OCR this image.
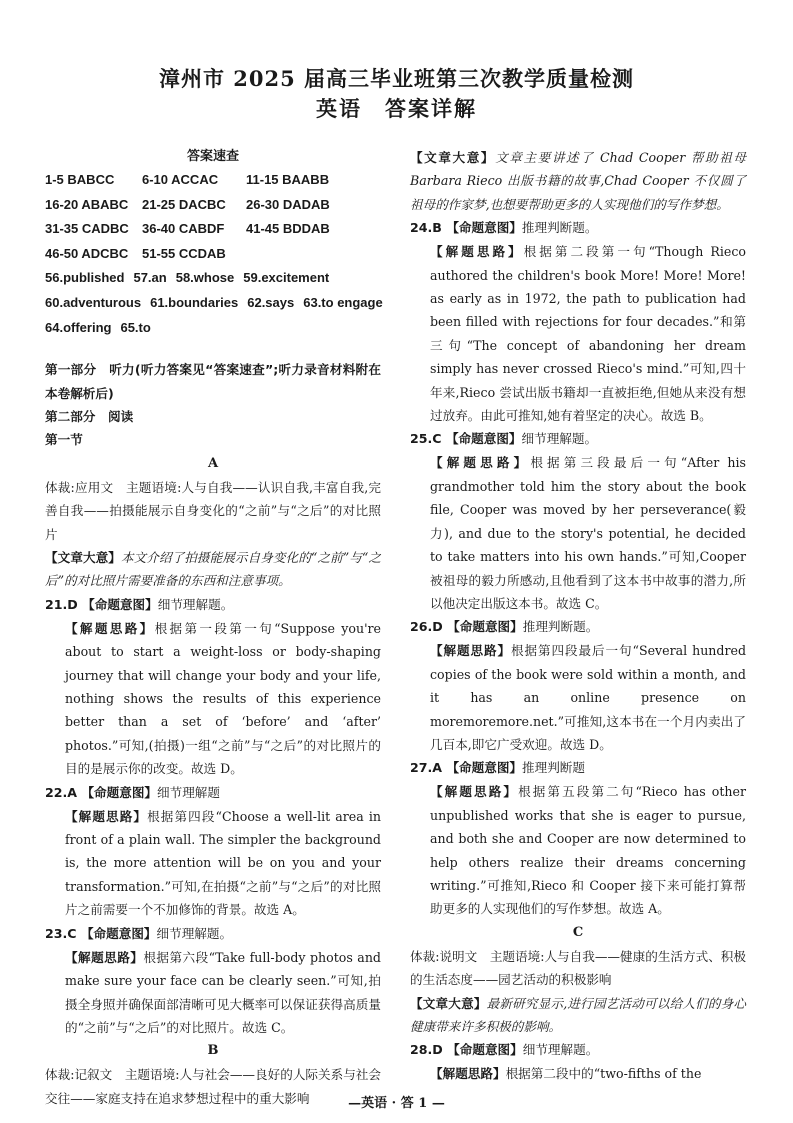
漳州市 2025 届高三毕业班第三次教学质量检测

英语　答案详解

答案速查
1-5 BABCC 6-10 ACCAC 11-15 BAABB
16-20 ABABC 21-25 DACBC 26-30 DADAB
31-35 CADBC 36-40 CABDF 41-45 BDDAB
46-50 ADCBC 51-55 CCDAB
56.published 57.an 58.whose 59.excitement
60.adventurous 61.boundaries 62.says 63.to engage
64.offering 65.to

第一部分　听力(听力答案见“答案速查”;听力录音材料附在本卷解析后)

第二部分　阅读

第一节

A

体裁:应用文　主题语境:人与自我——认识自我,丰富自我,完善自我——拍摄能展示自身变化的“之前”与“之后”的对比照片

【文章大意】本文介绍了拍摄能展示自身变化的“之前”与“之后”的对比照片需要准备的东西和注意事项。

21.D 【命题意图】细节理解题。

【解题思路】根据第一段第一句“Suppose you're about to start a weight-loss or body-shaping journey that will change your body and your life, nothing shows the results of this experience better than a set of ‘before’ and ‘after’ photos.”可知,(拍摄)一组“之前”与“之后”的对比照片的目的是展示你的改变。故选 D。

22.A 【命题意图】细节理解题

【解题思路】根据第四段“Choose a well-lit area in front of a plain wall. The simpler the background is, the more attention will be on you and your transformation.”可知,在拍摄“之前”与“之后”的对比照片之前需要一个不加修饰的背景。故选 A。

23.C 【命题意图】细节理解题。

【解题思路】根据第六段“Take full-body photos and make sure your face can be clearly seen.”可知,拍摄全身照并确保面部清晰可见大概率可以保证获得高质量的“之前”与“之后”的对比照片。故选 C。

B

体裁:记叙文　主题语境:人与社会——良好的人际关系与社会交往——家庭支持在追求梦想过程中的重大影响

【文章大意】文章主要讲述了 Chad Cooper 帮助祖母 Barbara Rieco 出版书籍的故事,Chad Cooper 不仅圆了祖母的作家梦,也想要帮助更多的人实现他们的写作梦想。

24.B 【命题意图】推理判断题。

【解题思路】根据第二段第一句“Though Rieco authored the children's book More! More! More! as early as in 1972, the path to publication had been filled with rejections for four decades.”和第三句“The concept of abandoning her dream simply has never crossed Rieco's mind.”可知,四十年来,Rieco 尝试出版书籍却一直被拒绝,但她从来没有想过放弃。由此可推知,她有着坚定的决心。故选 B。

25.C 【命题意图】细节理解题。

【解题思路】根据第三段最后一句“After his grandmother told him the story about the book file, Cooper was moved by her perseverance(毅力), and due to the story's potential, he decided to take matters into his own hands.”可知,Cooper 被祖母的毅力所感动,且他看到了这本书中故事的潜力,所以他决定出版这本书。故选 C。

26.D 【命题意图】推理判断题。

【解题思路】根据第四段最后一句“Several hundred copies of the book were sold within a month, and it has an online presence on moremoremore.net.”可推知,这本书在一个月内卖出了几百本,即它广受欢迎。故选 D。

27.A 【命题意图】推理判断题

【解题思路】根据第五段第二句“Rieco has other unpublished works that she is eager to pursue, and both she and Cooper are now determined to help others realize their dreams concerning writing.”可推知,Rieco 和 Cooper 接下来可能打算帮助更多的人实现他们的写作梦想。故选 A。

C

体裁:说明文　主题语境:人与自我——健康的生活方式、积极的生活态度——园艺活动的积极影响

【文章大意】最新研究显示,进行园艺活动可以给人们的身心健康带来许多积极的影响。

28.D 【命题意图】细节理解题。

【解题思路】根据第二段中的“two-fifths of the

—英语 · 答 1 —
